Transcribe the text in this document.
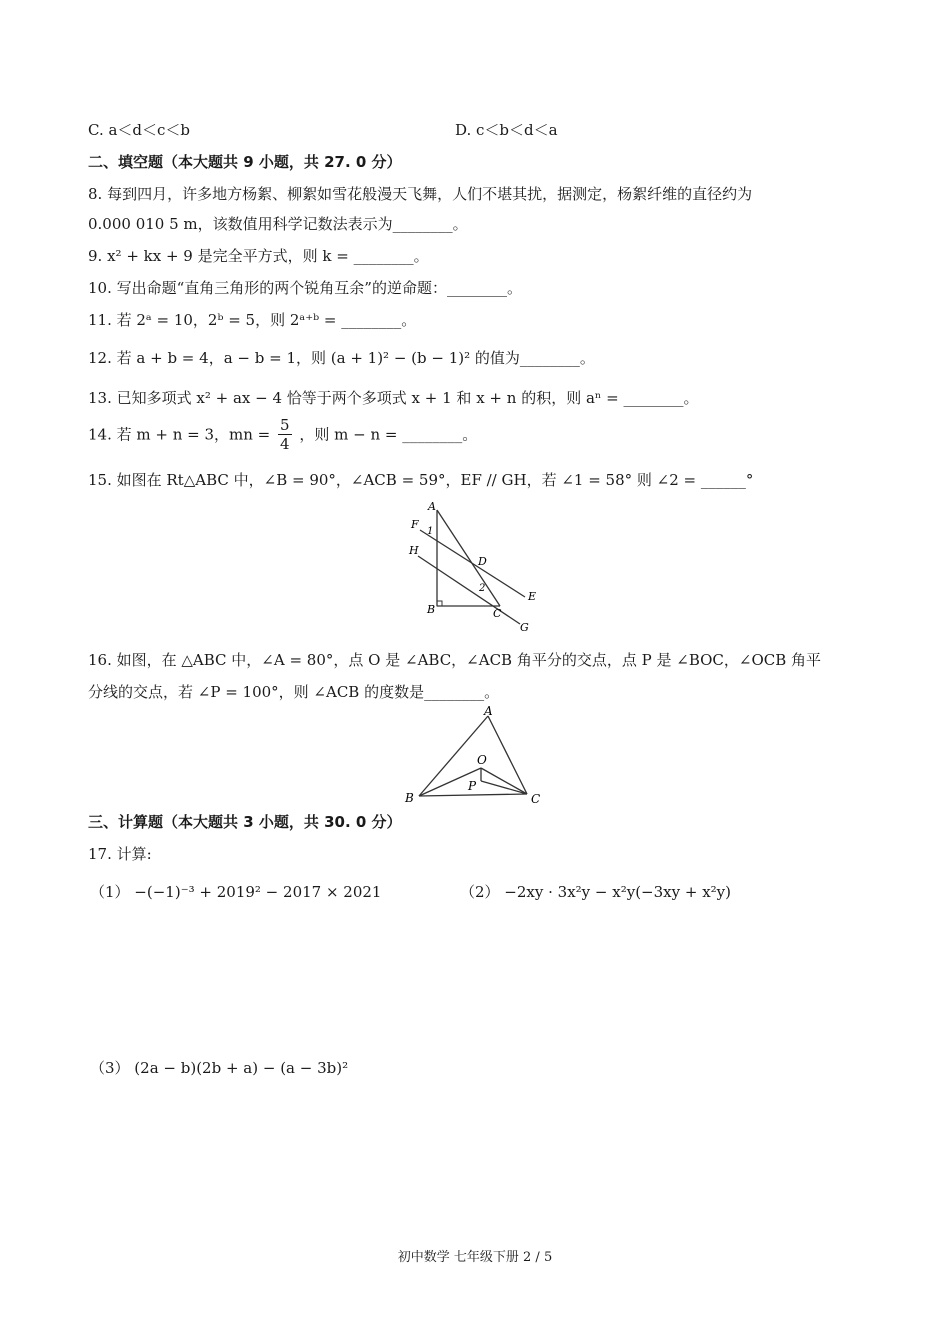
C. a＜d＜c＜b	D. c＜b＜d＜a
二、填空题（本大题共 9 小题，共 27. 0 分）
8. 每到四月，许多地方杨絮、柳絮如雪花般漫天飞舞，人们不堪其扰，据测定，杨絮纤维的直径约为
0.000 010 5 m，该数值用科学记数法表示为________。
9. x² + kx + 9 是完全平方式，则 k = ________。
10. 写出命题“直角三角形的两个锐角互余”的逆命题：________。
11. 若 2ᵃ = 10，2ᵇ = 5，则 2ᵃ⁺ᵇ = ________。
12. 若 a + b = 4，a − b = 1，则 (a + 1)² − (b − 1)² 的值为________。
13. 已知多项式 x² + ax − 4 恰等于两个多项式 x + 1 和 x + n 的积，则 aⁿ = ________。
14. 若 m + n = 3，mn = $\frac{5}{4}$ ，则 m − n = ________。
15. 如图在 Rt△ABC 中，∠B = 90°，∠ACB = 59°，EF // GH，若 ∠1 = 58° 则 ∠2 = ______°
A
F
1
H
D
2
E
B	C
G
16. 如图，在 △ABC 中，∠A = 80°，点 O 是 ∠ABC，∠ACB 角平分的交点，点 P 是 ∠BOC，∠OCB 角平
分线的交点，若 ∠P = 100°，则 ∠ACB 的度数是________。
A
O
P
B	C
三、计算题（本大题共 3 小题，共 30. 0 分）
17. 计算:
（1） −(−1)⁻³ + 2019² − 2017 × 2021	（2） −2xy · 3x²y − x²y(−3xy + x²y)
（3） (2a − b)(2b + a) − (a − 3b)²
初中数学 七年级下册 2 / 5
